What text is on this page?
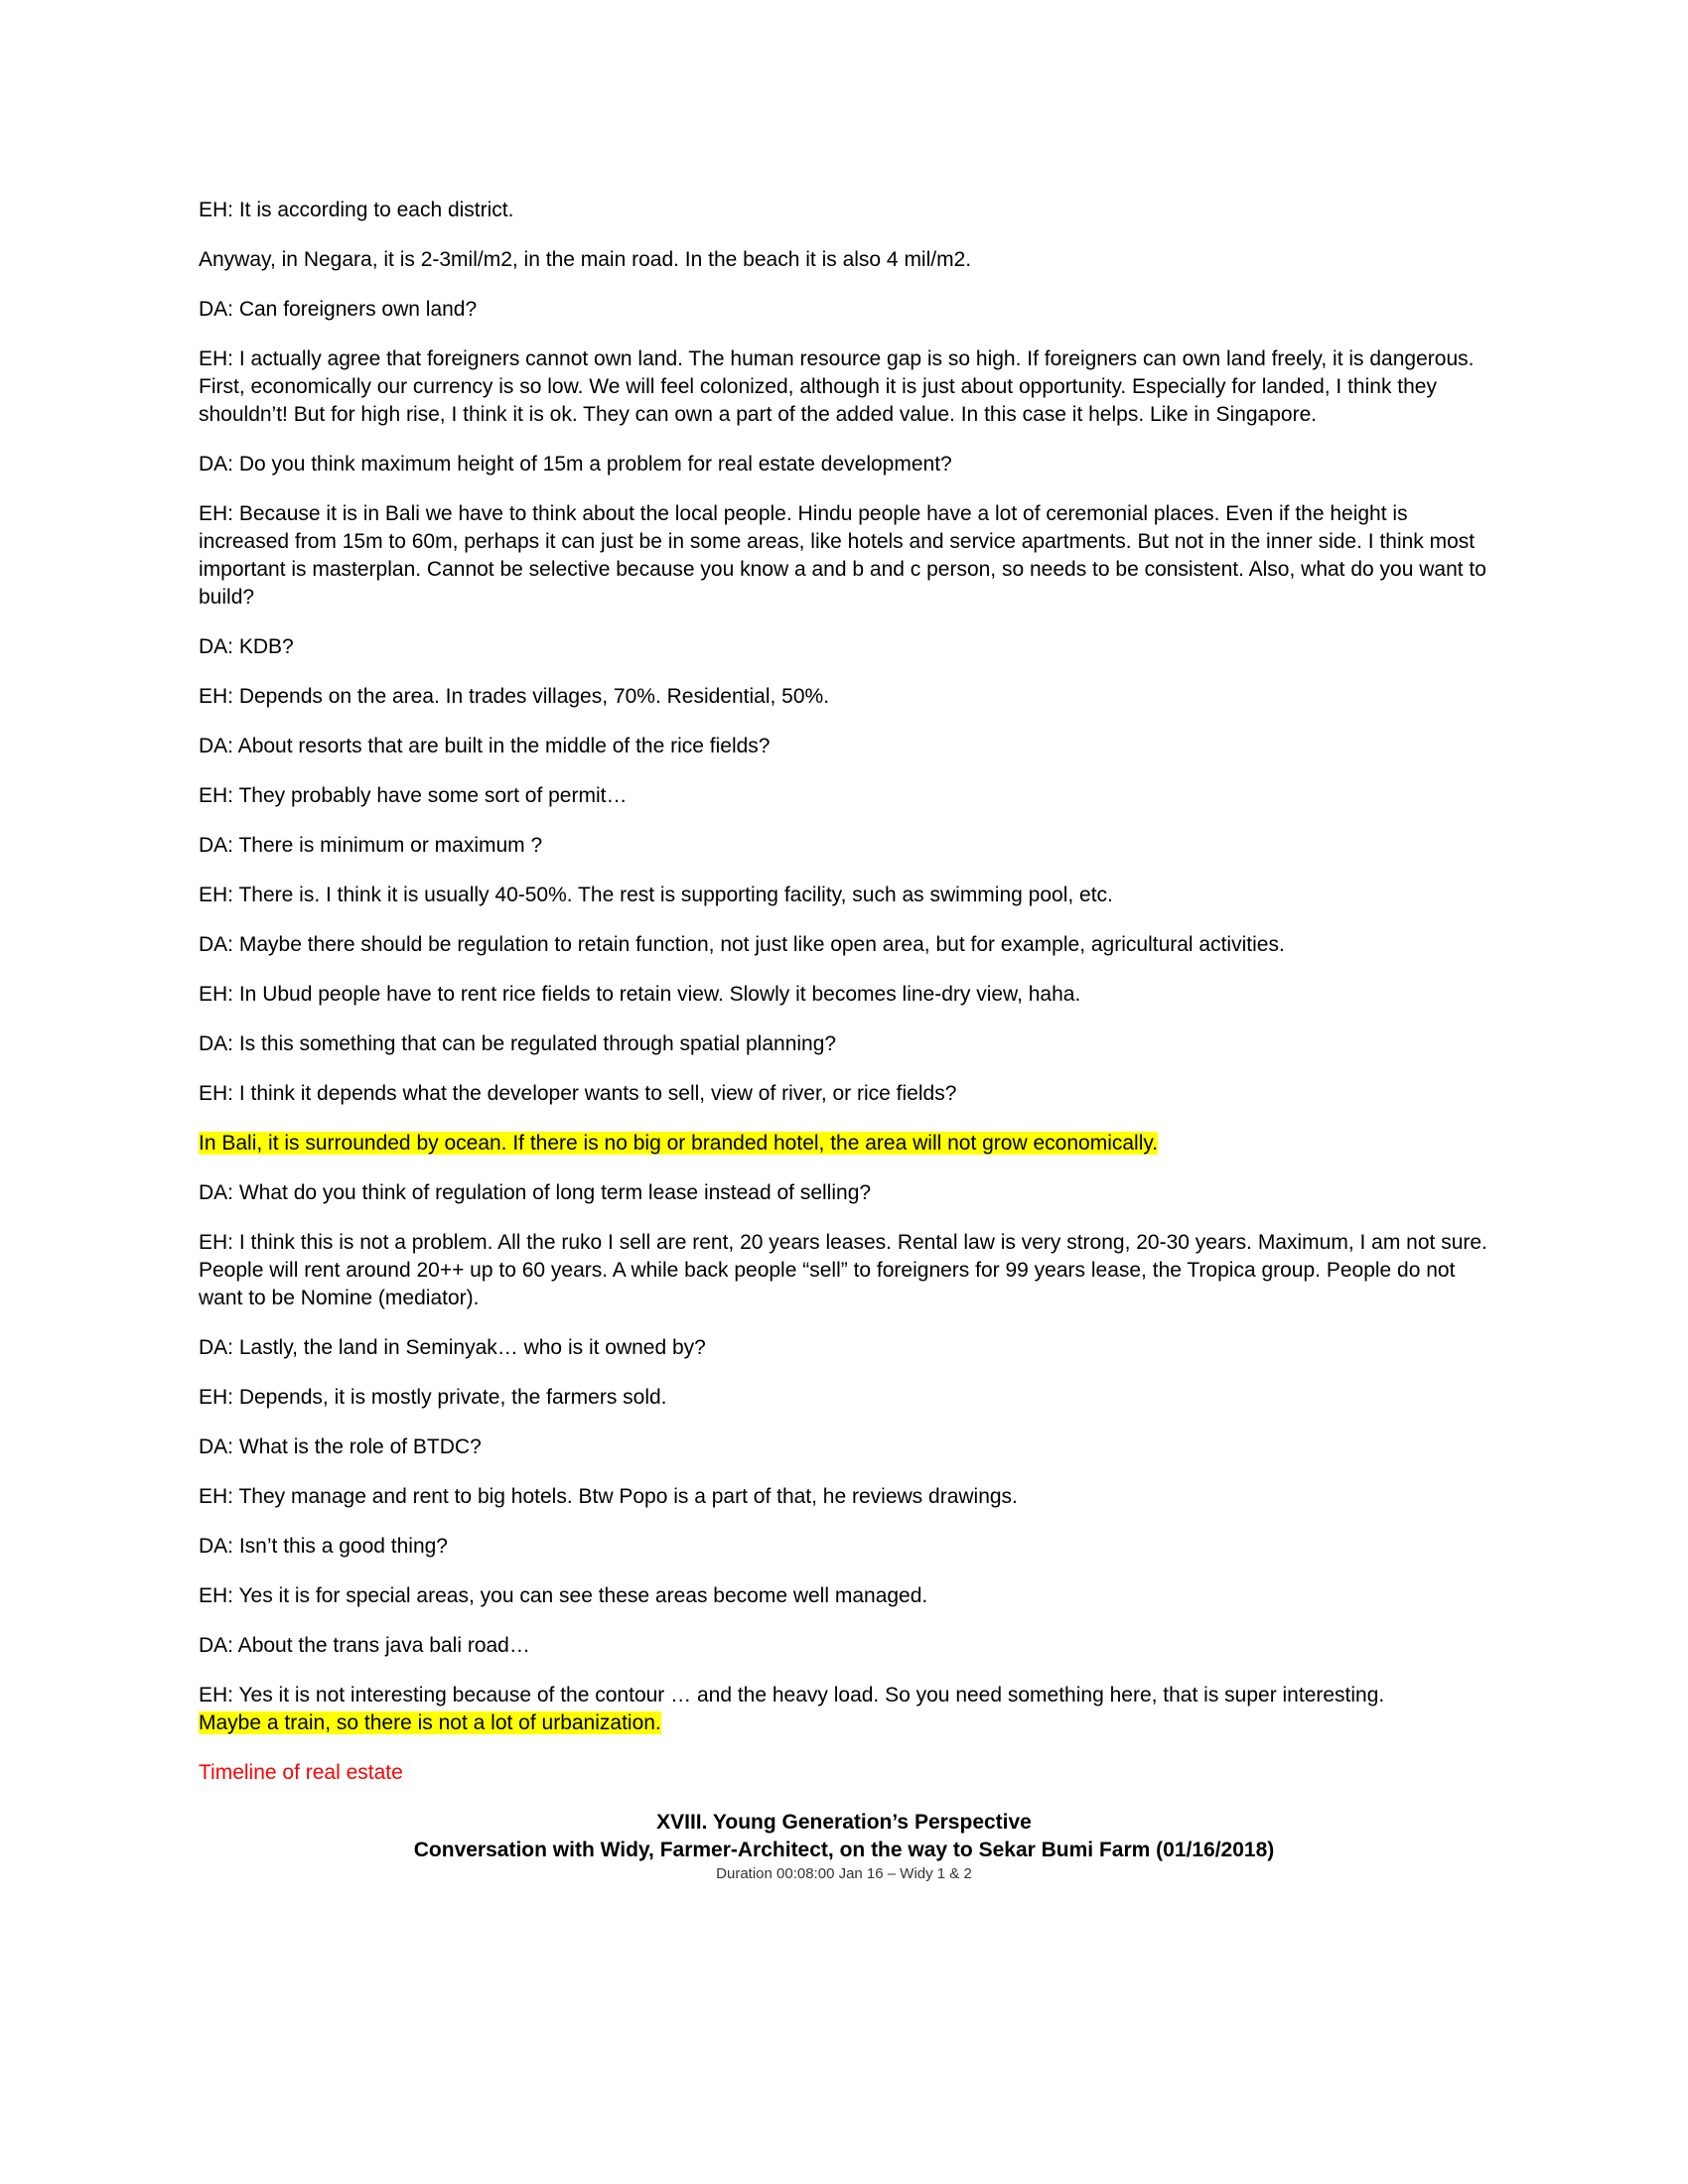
EH: It is according to each district.

Anyway, in Negara, it is 2-3mil/m2, in the main road. In the beach it is also 4 mil/m2.

DA: Can foreigners own land?

EH: I actually agree that foreigners cannot own land. The human resource gap is so high. If foreigners can own land freely, it is dangerous. First, economically our currency is so low. We will feel colonized, although it is just about opportunity. Especially for landed, I think they shouldn’t! But for high rise, I think it is ok. They can own a part of the added value. In this case it helps. Like in Singapore.

DA: Do you think maximum height of 15m a problem for real estate development?

EH: Because it is in Bali we have to think about the local people. Hindu people have a lot of ceremonial places. Even if the height is increased from 15m to 60m, perhaps it can just be in some areas, like hotels and service apartments. But not in the inner side. I think most important is masterplan. Cannot be selective because you know a and b and c person, so needs to be consistent. Also, what do you want to build?

DA: KDB?

EH: Depends on the area. In trades villages, 70%. Residential, 50%.

DA: About resorts that are built in the middle of the rice fields?

EH: They probably have some sort of permit…

DA: There is minimum or maximum ?

EH: There is. I think it is usually 40-50%. The rest is supporting facility, such as swimming pool, etc.

DA: Maybe there should be regulation to retain function, not just like open area, but for example, agricultural activities.

EH: In Ubud people have to rent rice fields to retain view. Slowly it becomes line-dry view, haha.

DA: Is this something that can be regulated through spatial planning?

EH: I think it depends what the developer wants to sell, view of river, or rice fields?

In Bali, it is surrounded by ocean. If there is no big or branded hotel, the area will not grow economically.

DA: What do you think of regulation of long term lease instead of selling?

EH: I think this is not a problem. All the ruko I sell are rent, 20 years leases. Rental law is very strong, 20-30 years. Maximum, I am not sure. People will rent around 20++ up to 60 years. A while back people “sell” to foreigners for 99 years lease, the Tropica group. People do not want to be Nomine (mediator).

DA: Lastly, the land in Seminyak… who is it owned by?

EH: Depends, it is mostly private, the farmers sold.

DA: What is the role of BTDC?

EH: They manage and rent to big hotels. Btw Popo is a part of that, he reviews drawings.

DA: Isn’t this a good thing?

EH: Yes it is for special areas, you can see these areas become well managed.

DA: About the trans java bali road…

EH: Yes it is not interesting because of the contour … and the heavy load. So you need something here, that is super interesting.
Maybe a train, so there is not a lot of urbanization.

Timeline of real estate

XVIII. Young Generation’s Perspective

Conversation with Widy, Farmer-Architect, on the way to Sekar Bumi Farm (01/16/2018)

Duration 00:08:00 Jan 16 – Widy 1 & 2
